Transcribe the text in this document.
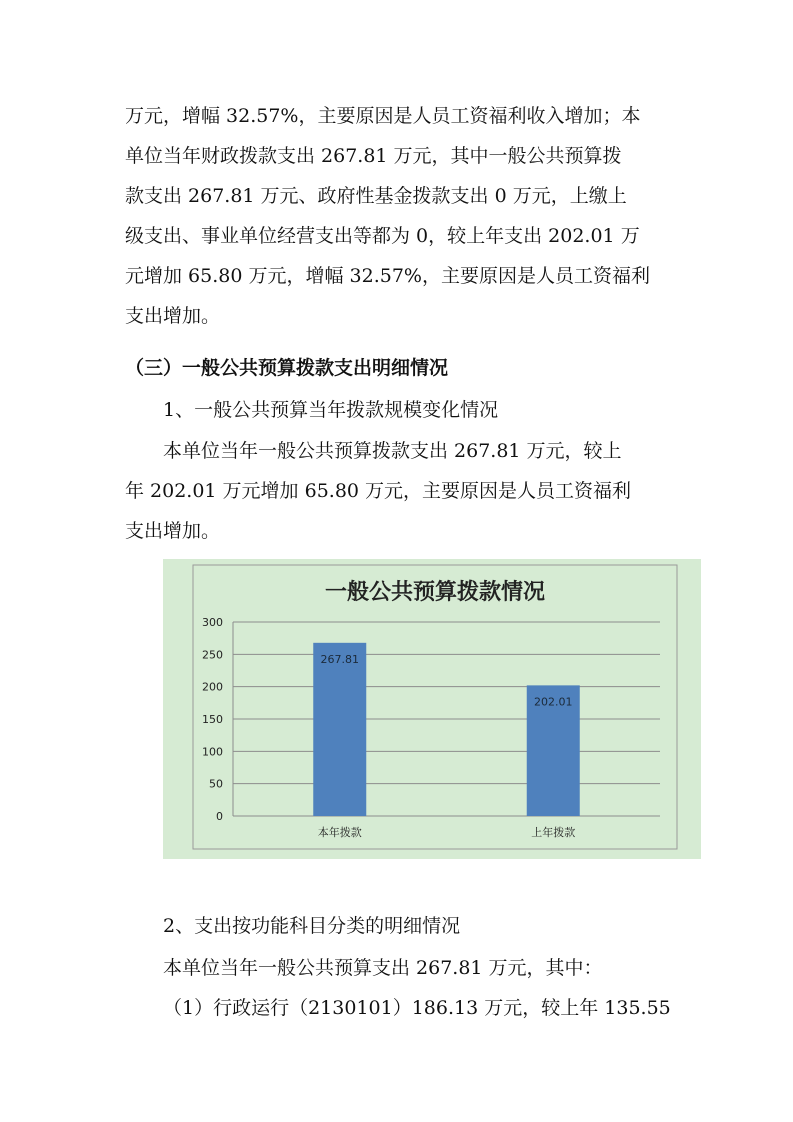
万元，增幅 32.57%，主要原因是人员工资福利收入增加；本
单位当年财政拨款支出 267.81 万元，其中一般公共预算拨
款支出 267.81 万元、政府性基金拨款支出 0 万元，上缴上
级支出、事业单位经营支出等都为 0，较上年支出 202.01 万
元增加 65.80 万元，增幅 32.57%，主要原因是人员工资福利
支出增加。

（三）一般公共预算拨款支出明细情况

1、一般公共预算当年拨款规模变化情况

本单位当年一般公共预算拨款支出 267.81 万元，较上
年 202.01 万元增加 65.80 万元，主要原因是人员工资福利
支出增加。

一般公共预算拨款情况
0
50
100
150
200
250
300
267.81
本年拨款
202.01
上年拨款

2、支出按功能科目分类的明细情况

本单位当年一般公共预算支出 267.81 万元，其中：
（1）行政运行（2130101）186.13 万元，较上年 135.55
